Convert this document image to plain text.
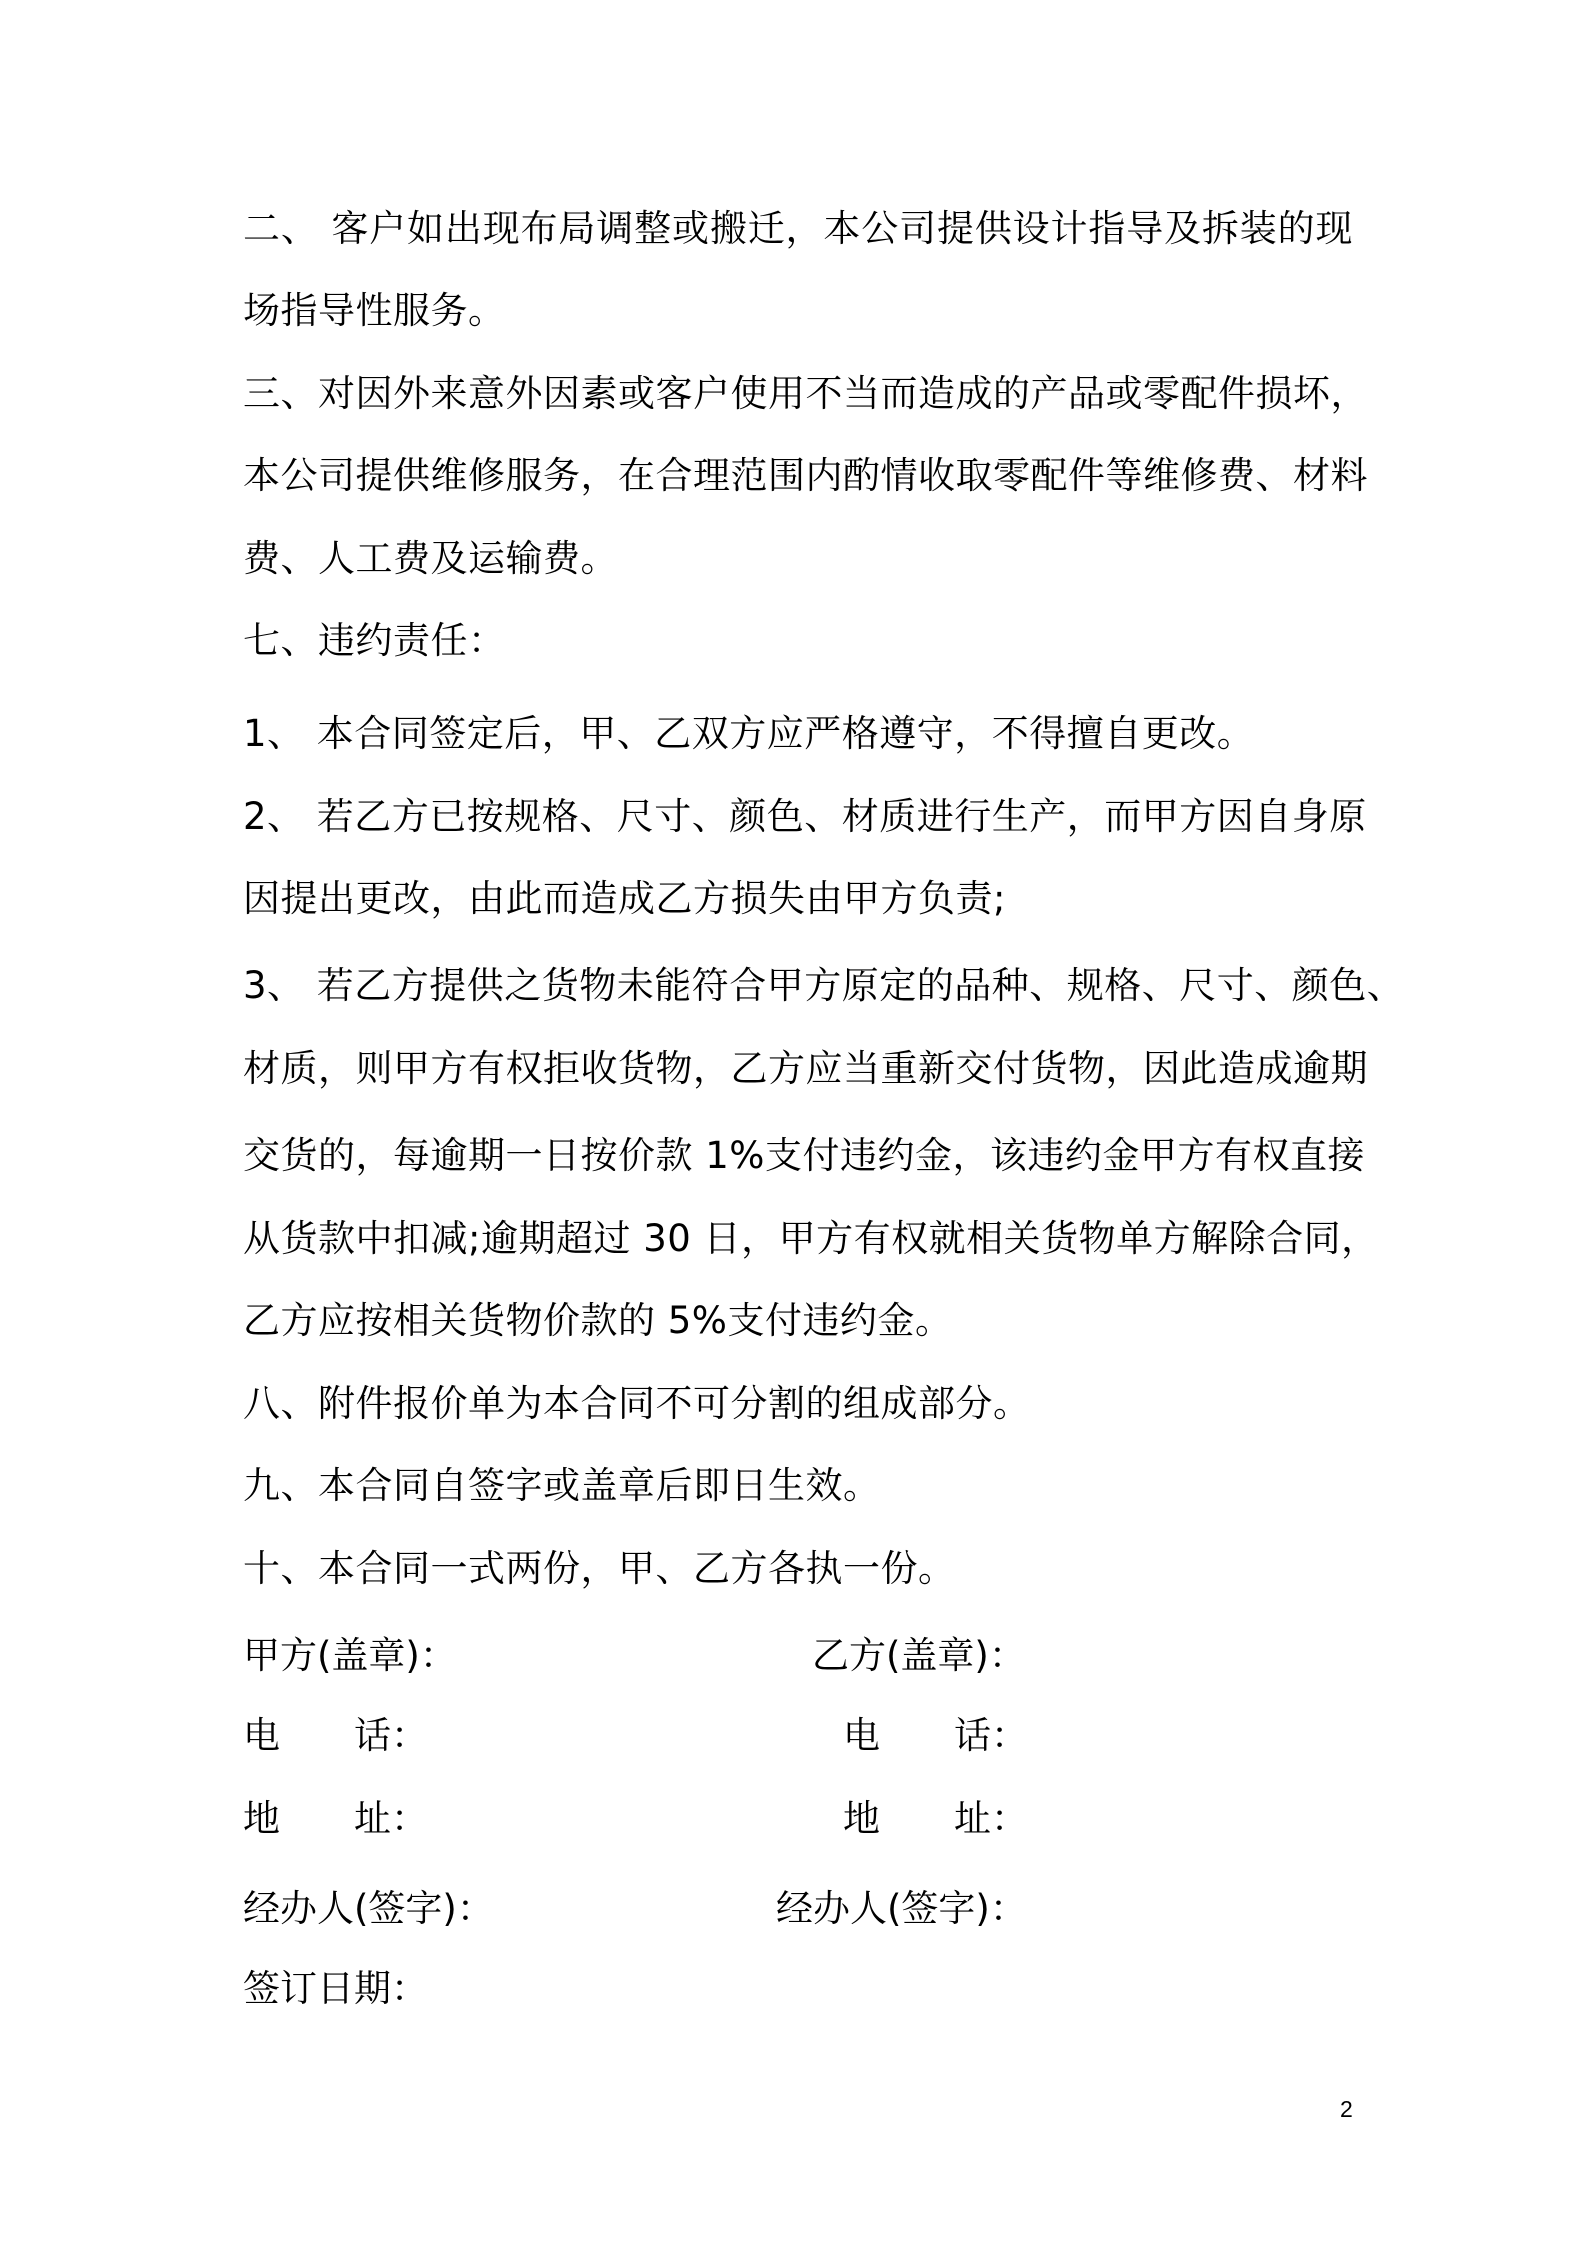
二、 客户如出现布局调整或搬迁，本公司提供设计指导及拆装的现
场指导性服务。
三、对因外来意外因素或客户使用不当而造成的产品或零配件损坏，
本公司提供维修服务，在合理范围内酌情收取零配件等维修费、材料
费、人工费及运输费。
七、违约责任：
1、 本合同签定后，甲、乙双方应严格遵守，不得擅自更改。
2、 若乙方已按规格、尺寸、颜色、材质进行生产，而甲方因自身原
因提出更改，由此而造成乙方损失由甲方负责;
3、 若乙方提供之货物未能符合甲方原定的品种、规格、尺寸、颜色、
材质，则甲方有权拒收货物，乙方应当重新交付货物，因此造成逾期
交货的，每逾期一日按价款 1%支付违约金，该违约金甲方有权直接
从货款中扣减;逾期超过 30 日，甲方有权就相关货物单方解除合同，
乙方应按相关货物价款的 5%支付违约金。
八、附件报价单为本合同不可分割的组成部分。
九、本合同自签字或盖章后即日生效。
十、本合同一式两份，甲、乙方各执一份。
甲方(盖章)：	乙方(盖章)：
电　　话：	电　　话：
地　　址：	地　　址：
经办人(签字)：	经办人(签字)：
签订日期：
2
